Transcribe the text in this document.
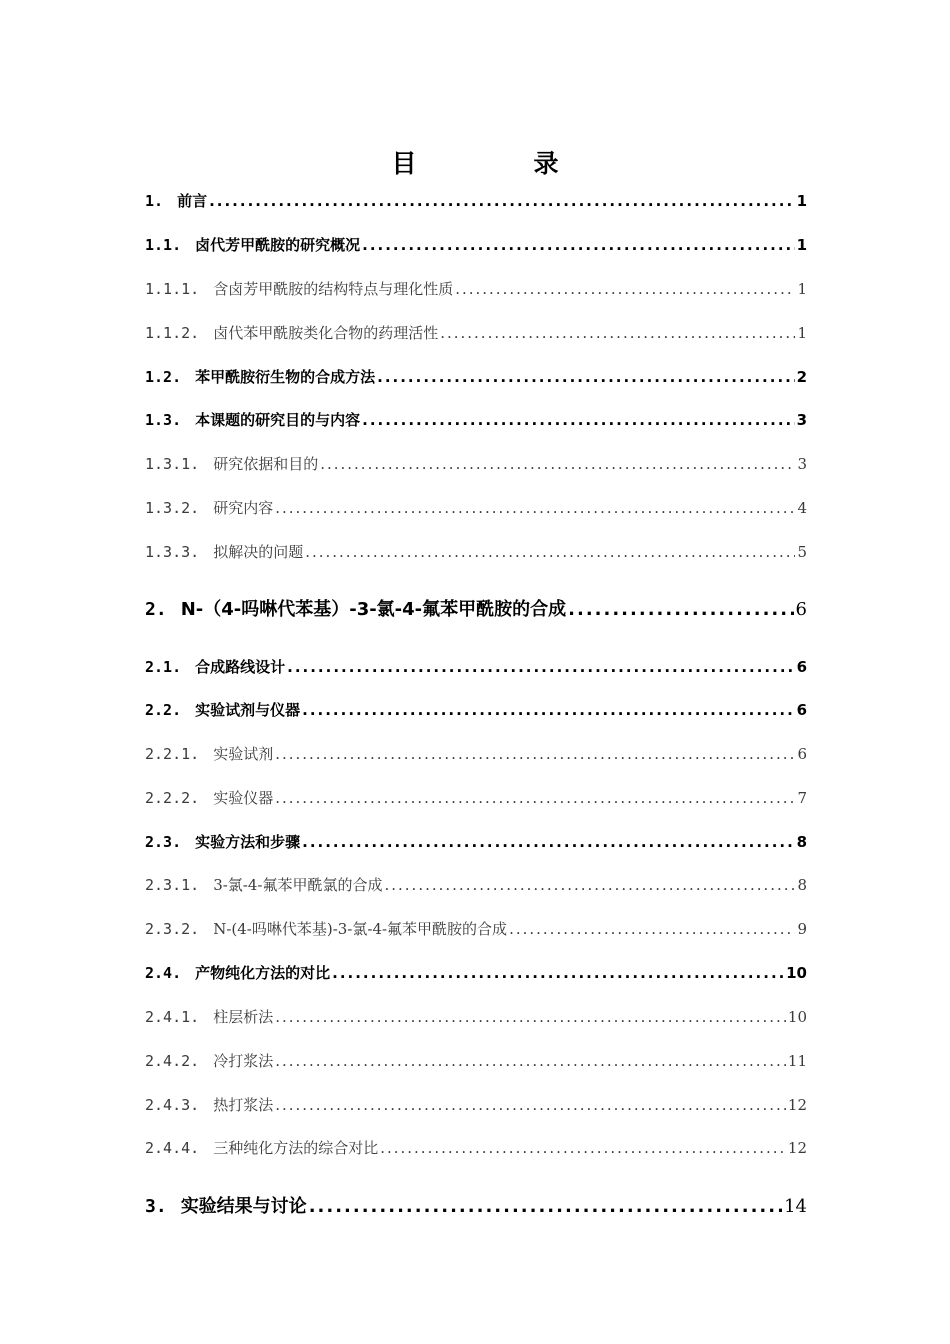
目　录
1. 前言 .....	1
1.1. 卤代芳甲酰胺的研究概况 .....	1
1.1.1. 含卤芳甲酰胺的结构特点与理化性质 .....	1
1.1.2. 卤代苯甲酰胺类化合物的药理活性 .....	1
1.2. 苯甲酰胺衍生物的合成方法 .....	2
1.3. 本课题的研究目的与内容 .....	3
1.3.1. 研究依据和目的 .....	3
1.3.2. 研究内容 .....	4
1.3.3. 拟解决的问题 .....	5
2. N-（4-吗啉代苯基）-3-氯-4-氟苯甲酰胺的合成 .....	6
2.1. 合成路线设计 .....	6
2.2. 实验试剂与仪器 .....	6
2.2.1. 实验试剂 .....	6
2.2.2. 实验仪器 .....	7
2.3. 实验方法和步骤 .....	8
2.3.1. 3-氯-4-氟苯甲酰氯的合成 .....	8
2.3.2. N-(4-吗啉代苯基)-3-氯-4-氟苯甲酰胺的合成 .....	9
2.4. 产物纯化方法的对比 .....	10
2.4.1. 柱层析法 .....	10
2.4.2. 冷打浆法 .....	11
2.4.3. 热打浆法 .....	12
2.4.4. 三种纯化方法的综合对比 .....	12
3. 实验结果与讨论 .....	14
